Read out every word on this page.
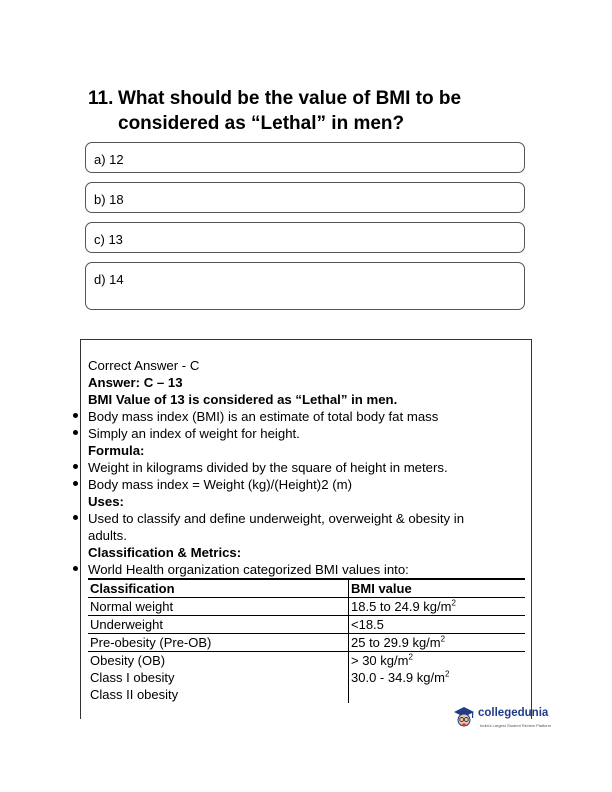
11. What should be the value of BMI to be considered as “Lethal” in men?
a) 12
b) 18
c) 13
d) 14
Correct Answer - C
Answer: C – 13
BMI Value of 13 is considered as “Lethal” in men.
Body mass index (BMI) is an estimate of total body fat mass
Simply an index of weight for height.
Formula:
Weight in kilograms divided by the square of height in meters.
Body mass index = Weight (kg)/(Height)2 (m)
Uses:
Used to classify and define underweight, overweight & obesity in
adults.
Classification & Metrics:
World Health organization categorized BMI values into:
Classification	BMI value
Normal weight	18.5 to 24.9 $kg/m^2$
Underweight	<18.5
Pre-obesity (Pre-OB)	25 to 29.9 $kg/m^2$
Obesity (OB)	> 30 $kg/m^2$
Class I obesity	30.0 - 34.9 $kg/m^2$
Class II obesity	
collegedunia
India's Largest Student Review Platform
